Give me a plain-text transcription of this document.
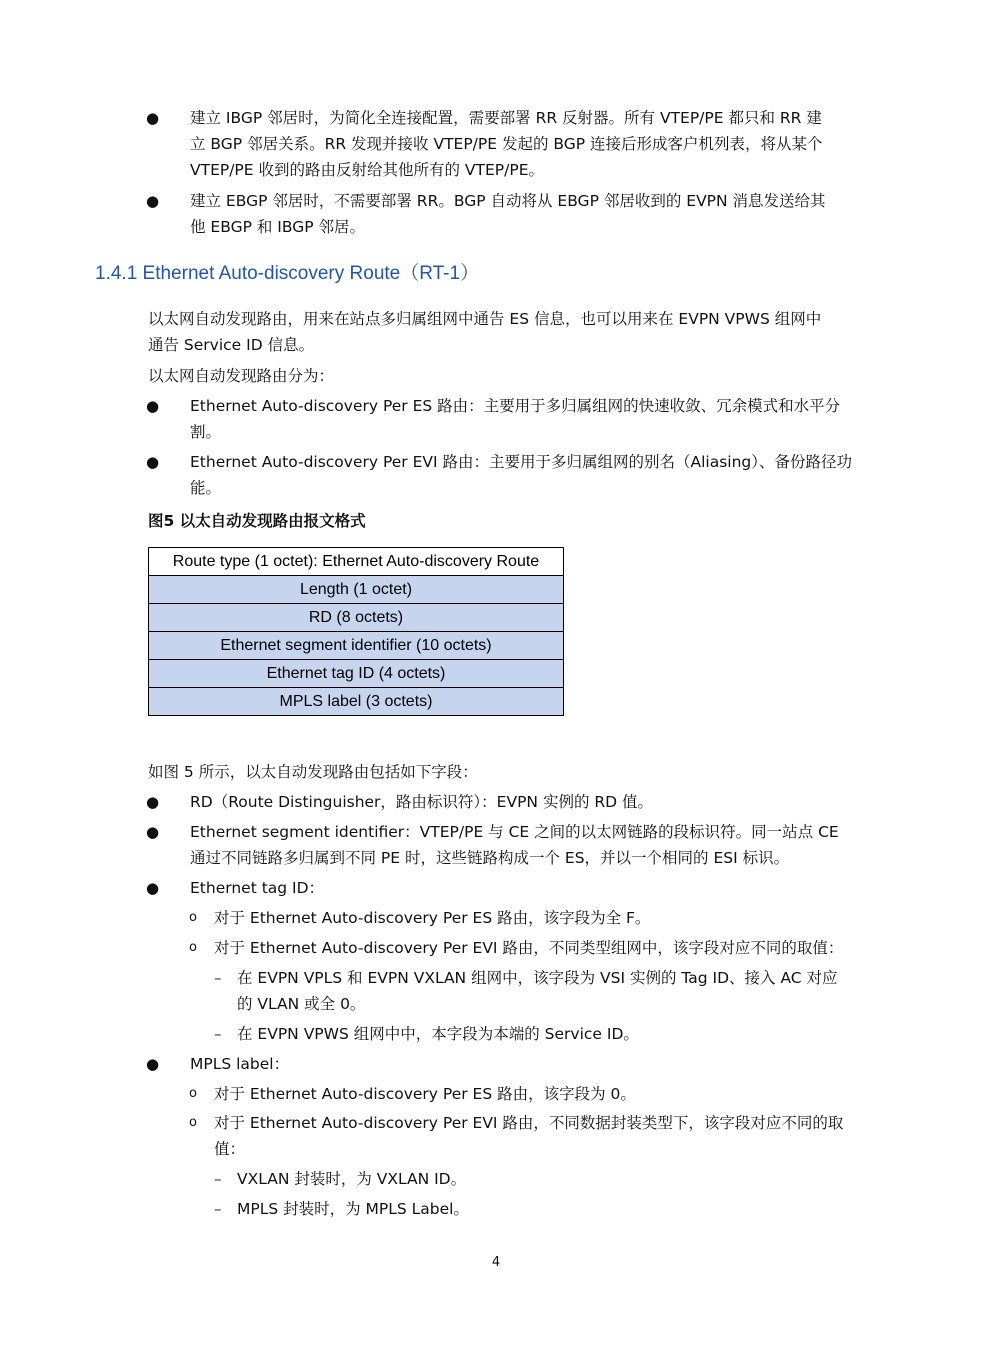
● 建立 IBGP 邻居时，为简化全连接配置，需要部署 RR 反射器。所有 VTEP/PE 都只和 RR 建
立 BGP 邻居关系。RR 发现并接收 VTEP/PE 发起的 BGP 连接后形成客户机列表，将从某个
VTEP/PE 收到的路由反射给其他所有的 VTEP/PE。
● 建立 EBGP 邻居时，不需要部署 RR。BGP 自动将从 EBGP 邻居收到的 EVPN 消息发送给其
他 EBGP 和 IBGP 邻居。
1.4.1 Ethernet Auto-discovery Route（RT-1）
以太网自动发现路由，用来在站点多归属组网中通告 ES 信息，也可以用来在 EVPN VPWS 组网中
通告 Service ID 信息。
以太网自动发现路由分为：
● Ethernet Auto-discovery Per ES 路由：主要用于多归属组网的快速收敛、冗余模式和水平分
割。
● Ethernet Auto-discovery Per EVI 路由：主要用于多归属组网的别名（Aliasing）、备份路径功
能。
图5 以太自动发现路由报文格式
Route type (1 octet): Ethernet Auto-discovery Route
Length (1 octet)
RD (8 octets)
Ethernet segment identifier (10 octets)
Ethernet tag ID (4 octets)
MPLS label (3 octets)
如图 5 所示，以太自动发现路由包括如下字段：
● RD（Route Distinguisher，路由标识符）：EVPN 实例的 RD 值。
● Ethernet segment identifier：VTEP/PE 与 CE 之间的以太网链路的段标识符。同一站点 CE
通过不同链路多归属到不同 PE 时，这些链路构成一个 ES，并以一个相同的 ESI 标识。
● Ethernet tag ID：
o 对于 Ethernet Auto-discovery Per ES 路由，该字段为全 F。
o 对于 Ethernet Auto-discovery Per EVI 路由，不同类型组网中，该字段对应不同的取值：
– 在 EVPN VPLS 和 EVPN VXLAN 组网中，该字段为 VSI 实例的 Tag ID、接入 AC 对应
的 VLAN 或全 0。
– 在 EVPN VPWS 组网中中，本字段为本端的 Service ID。
● MPLS label：
o 对于 Ethernet Auto-discovery Per ES 路由，该字段为 0。
o 对于 Ethernet Auto-discovery Per EVI 路由，不同数据封装类型下，该字段对应不同的取
值：
– VXLAN 封装时，为 VXLAN ID。
– MPLS 封装时，为 MPLS Label。
4
